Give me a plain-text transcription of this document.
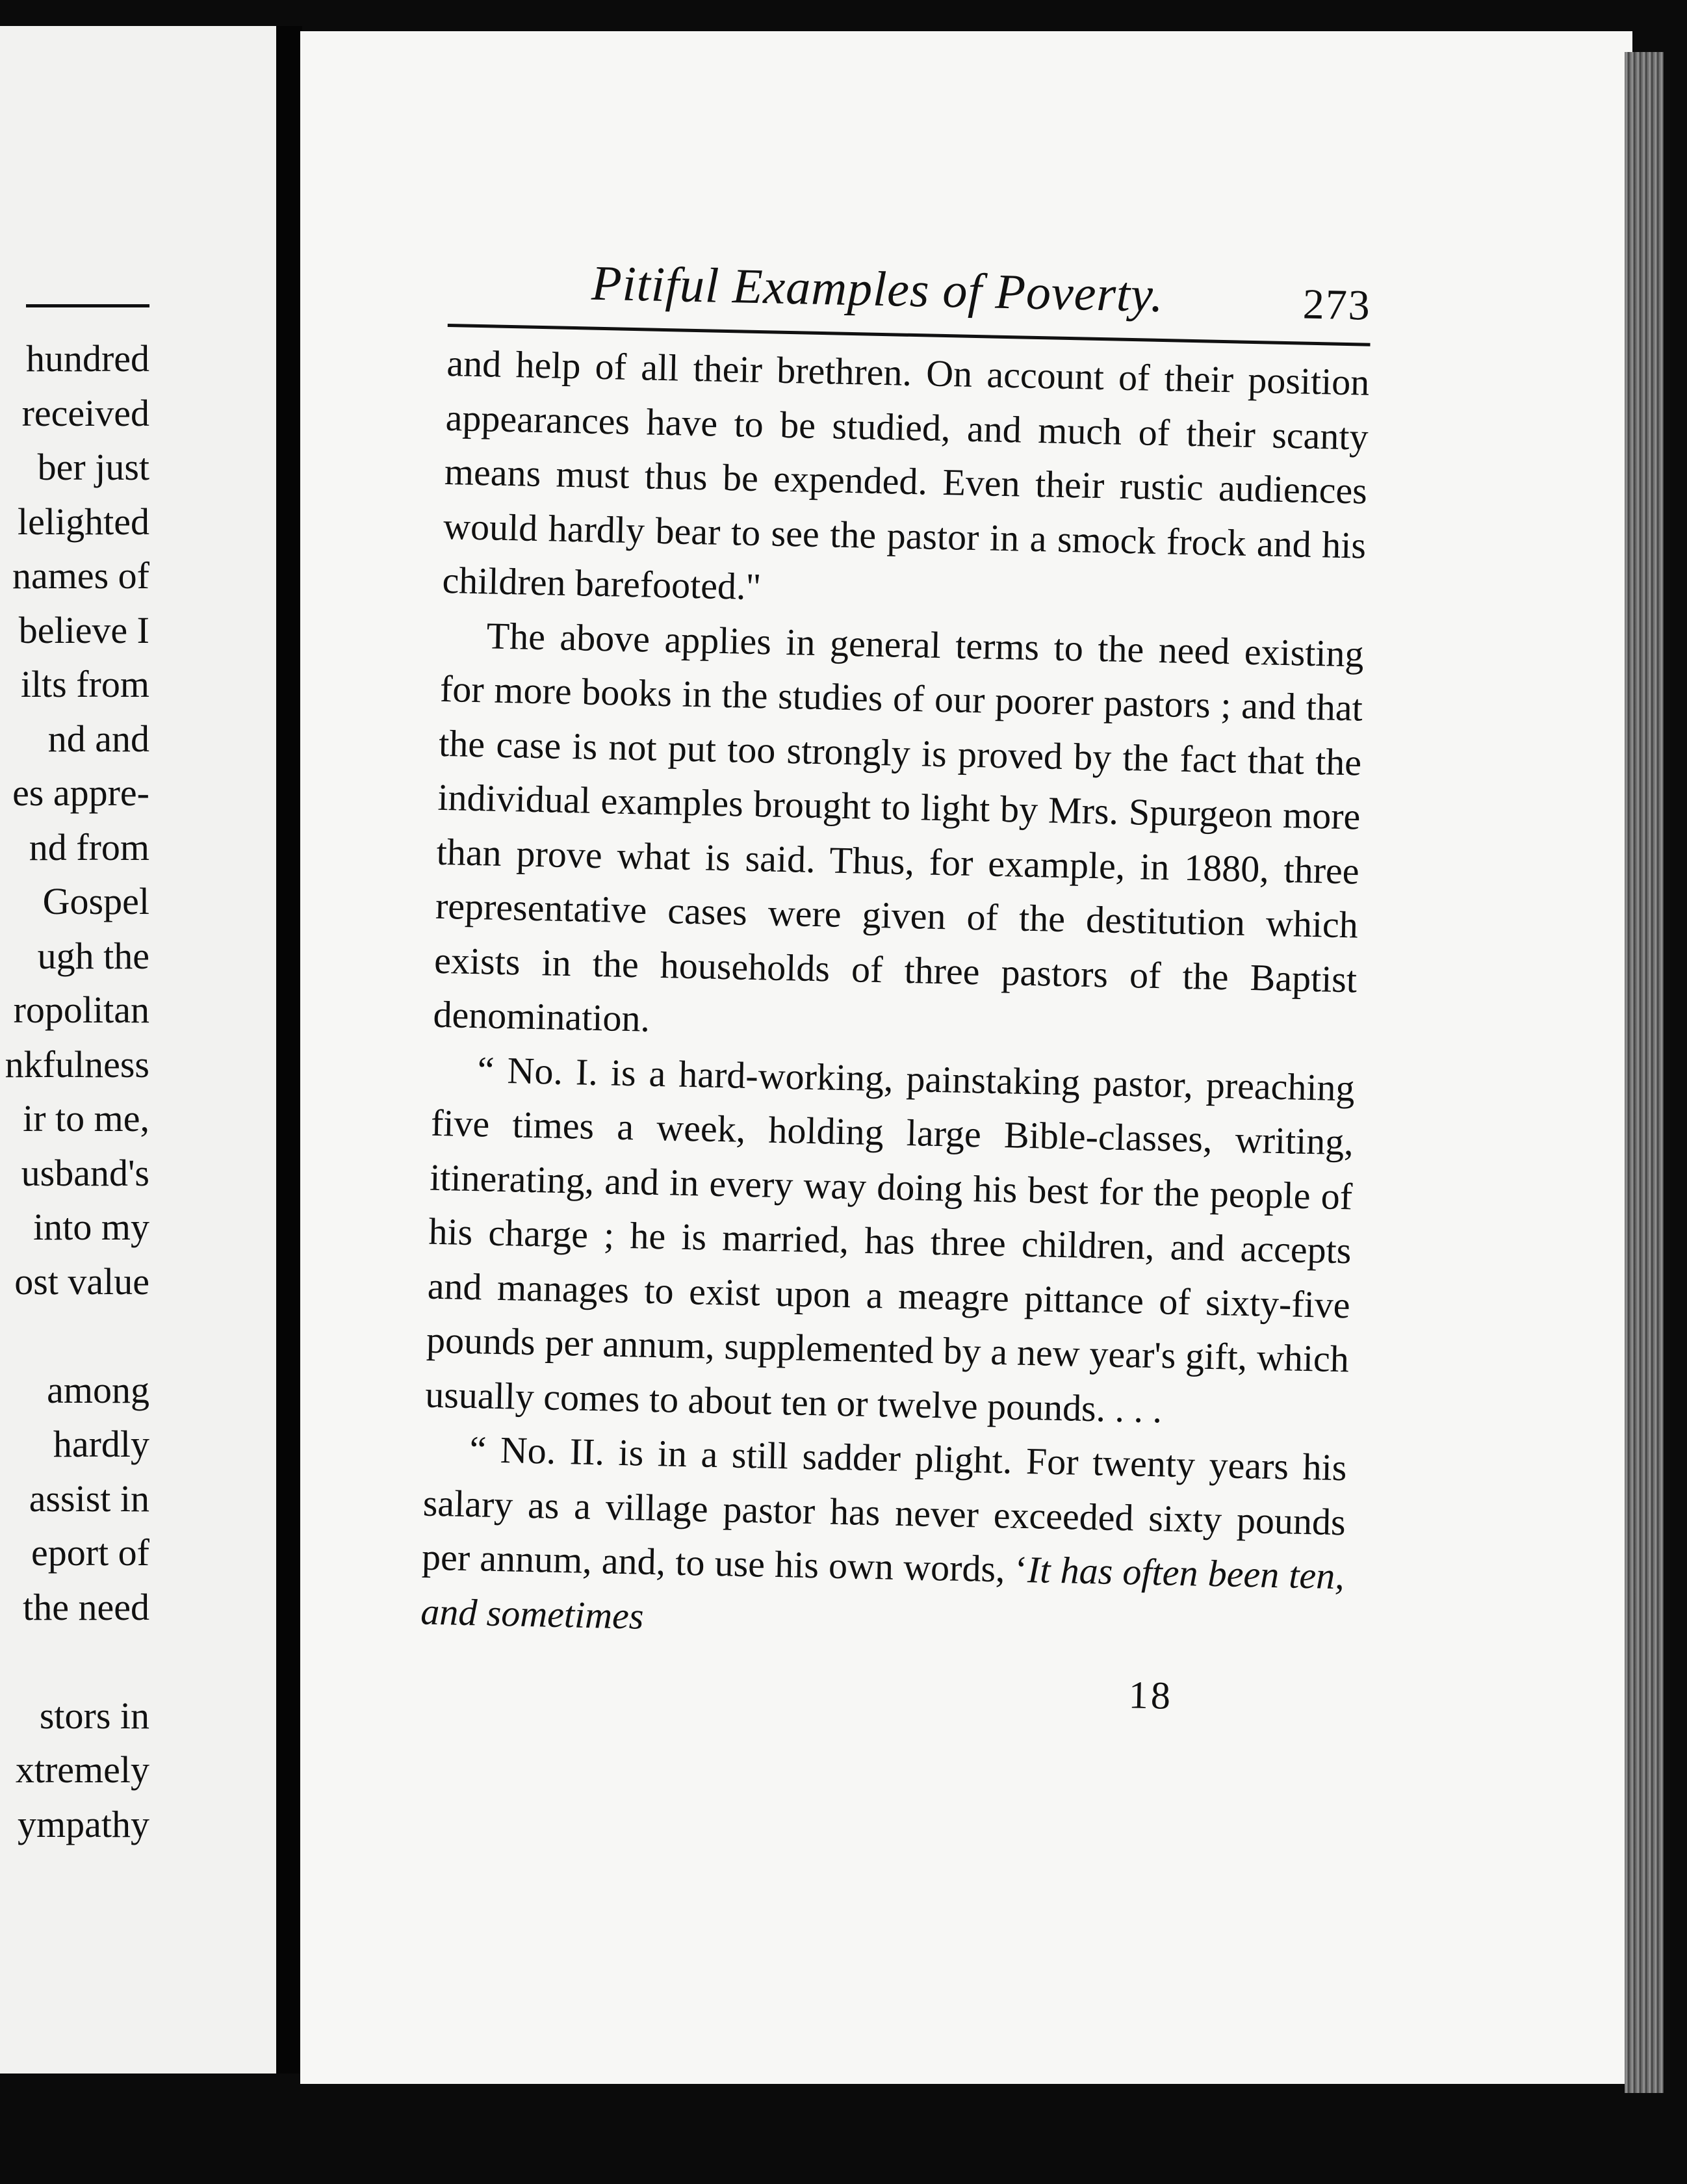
hundred
received
ber just
lelighted
names of
believe I
ilts from
nd and
es appre-
nd from
Gospel
ugh the
ropolitan
nkfulness
ir to me,
usband's
into my
ost value

among
hardly
assist in
eport of
the need

stors in
xtremely
ympathy
Pitiful Examples of Poverty.	273

and help of all their brethren. On account of their position appearances have to be studied, and much of their scanty means must thus be expended. Even their rustic audiences would hardly bear to see the pastor in a smock frock and his children barefooted."

The above applies in general terms to the need existing for more books in the studies of our poorer pastors ; and that the case is not put too strongly is proved by the fact that the individual examples brought to light by Mrs. Spurgeon more than prove what is said. Thus, for example, in 1880, three representative cases were given of the destitution which exists in the households of three pastors of the Baptist denomination.

“ No. I. is a hard-working, painstaking pastor, preaching five times a week, holding large Bible-classes, writing, itinerating, and in every way doing his best for the people of his charge ; he is married, has three children, and accepts and manages to exist upon a meagre pittance of sixty-five pounds per annum, supplemented by a new year's gift, which usually comes to about ten or twelve pounds. . . .

“ No. II. is in a still sadder plight. For twenty years his salary as a village pastor has never exceeded sixty pounds per annum, and, to use his own words, ‘It has often been ten, and sometimes

18
